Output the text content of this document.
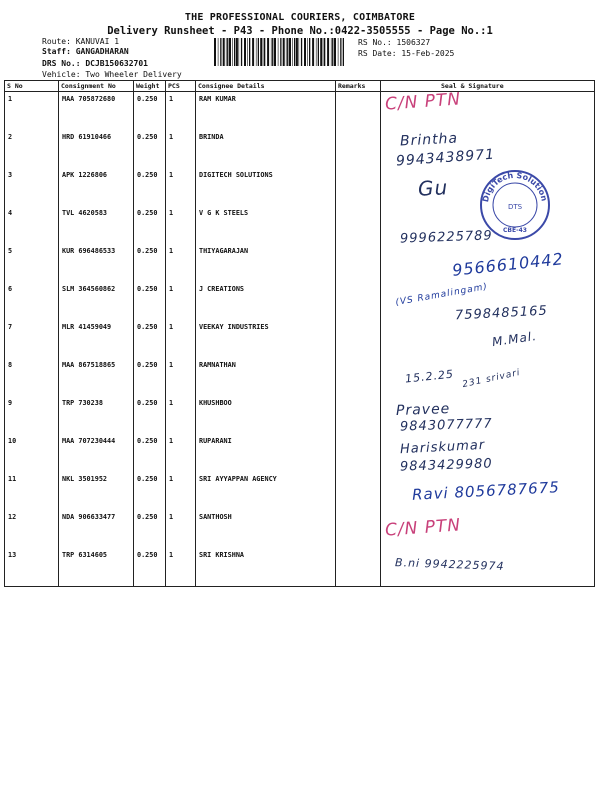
THE PROFESSIONAL COURIERS, COIMBATORE
Delivery Runsheet - P43 - Phone No.:0422-3505555 - Page No.:1
Route: KANUVAI 1
Staff: GANGADHARAN
DRS No.: DCJB150632701
Vehicle: Two Wheeler Delivery
RS No.: 1506327
RS Date: 15-Feb-2025
S No	Consignment No	Weight	PCS	Consignee Details	Remarks	Seal & Signature
1	MAA 705872680	0.250	1	RAM KUMAR		
2	HRD 61910466	0.250	1	BRINDA		
3	APK 1226806	0.250	1	DIGITECH SOLUTIONS		
4	TVL 4620583	0.250	1	V G K STEELS		
5	KUR 696486533	0.250	1	THIYAGARAJAN		
6	SLM 364560862	0.250	1	J CREATIONS		
7	MLR 41459049	0.250	1	VEEKAY INDUSTRIES		
8	MAA 867518865	0.250	1	RAMNATHAN		
9	TRP 730238	0.250	1	KHUSHBOO		
10	MAA 707230444	0.250	1	RUPARANI		
11	NKL 3501952	0.250	1	SRI AYYAPPAN AGENCY		
12	NDA 906633477	0.250	1	SANTHOSH		
13	TRP 6314605	0.250	1	SRI KRISHNA		
C/N PTN
Brintha
9943438971
Gu
9996225789
9566610442
(VS Ramalingam)
7598485165
M.Mal.
15.2.25 231 srivari
Pravee
9843077777
Hariskumar
9843429980
Ravi 8056787675
C/N PTN
B.ni 9942225974
DigiTech Solution
DTS
CBE-43
